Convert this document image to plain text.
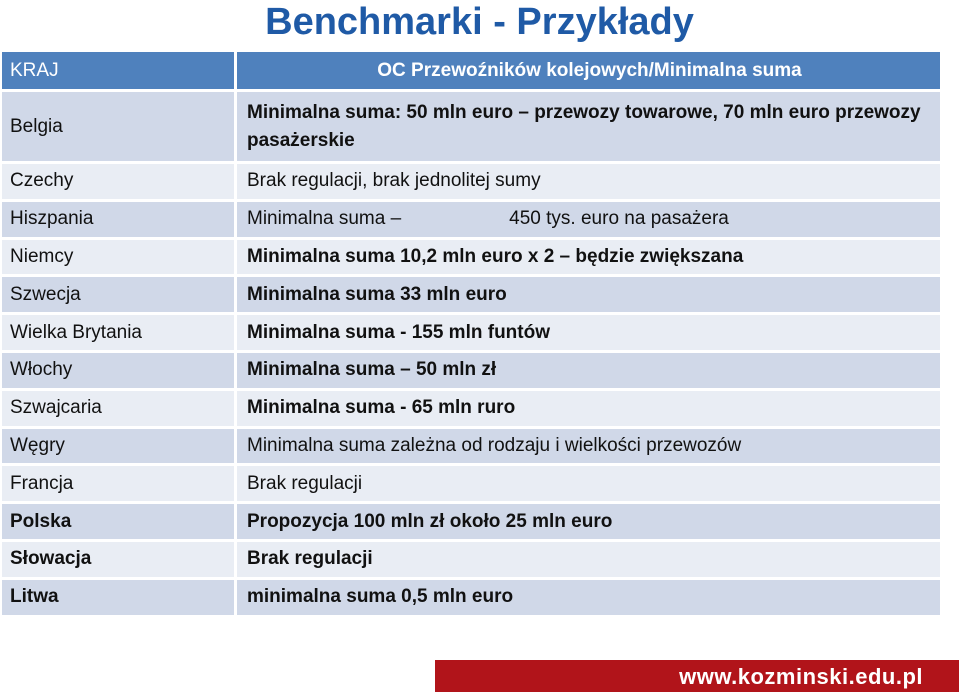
Benchmarki - Przykłady
KRAJ	OC Przewoźników kolejowych/Minimalna suma
Belgia	Minimalna suma: 50 mln euro – przewozy towarowe, 70 mln euro przewozy pasażerskie
Czechy	Brak regulacji, brak jednolitej sumy
Hiszpania	Minimalna suma – 450 tys. euro na pasażera
Niemcy	Minimalna suma 10,2 mln euro x 2 – będzie zwiększana
Szwecja	Minimalna suma 33 mln euro
Wielka Brytania	Minimalna suma - 155 mln funtów
Włochy	Minimalna suma – 50 mln zł
Szwajcaria	Minimalna suma - 65 mln ruro
Węgry	Minimalna suma zależna od rodzaju i wielkości przewozów
Francja	Brak regulacji
Polska	Propozycja 100 mln zł około 25 mln euro
Słowacja	Brak regulacji
Litwa	minimalna suma 0,5 mln euro
www.kozminski.edu.pl
